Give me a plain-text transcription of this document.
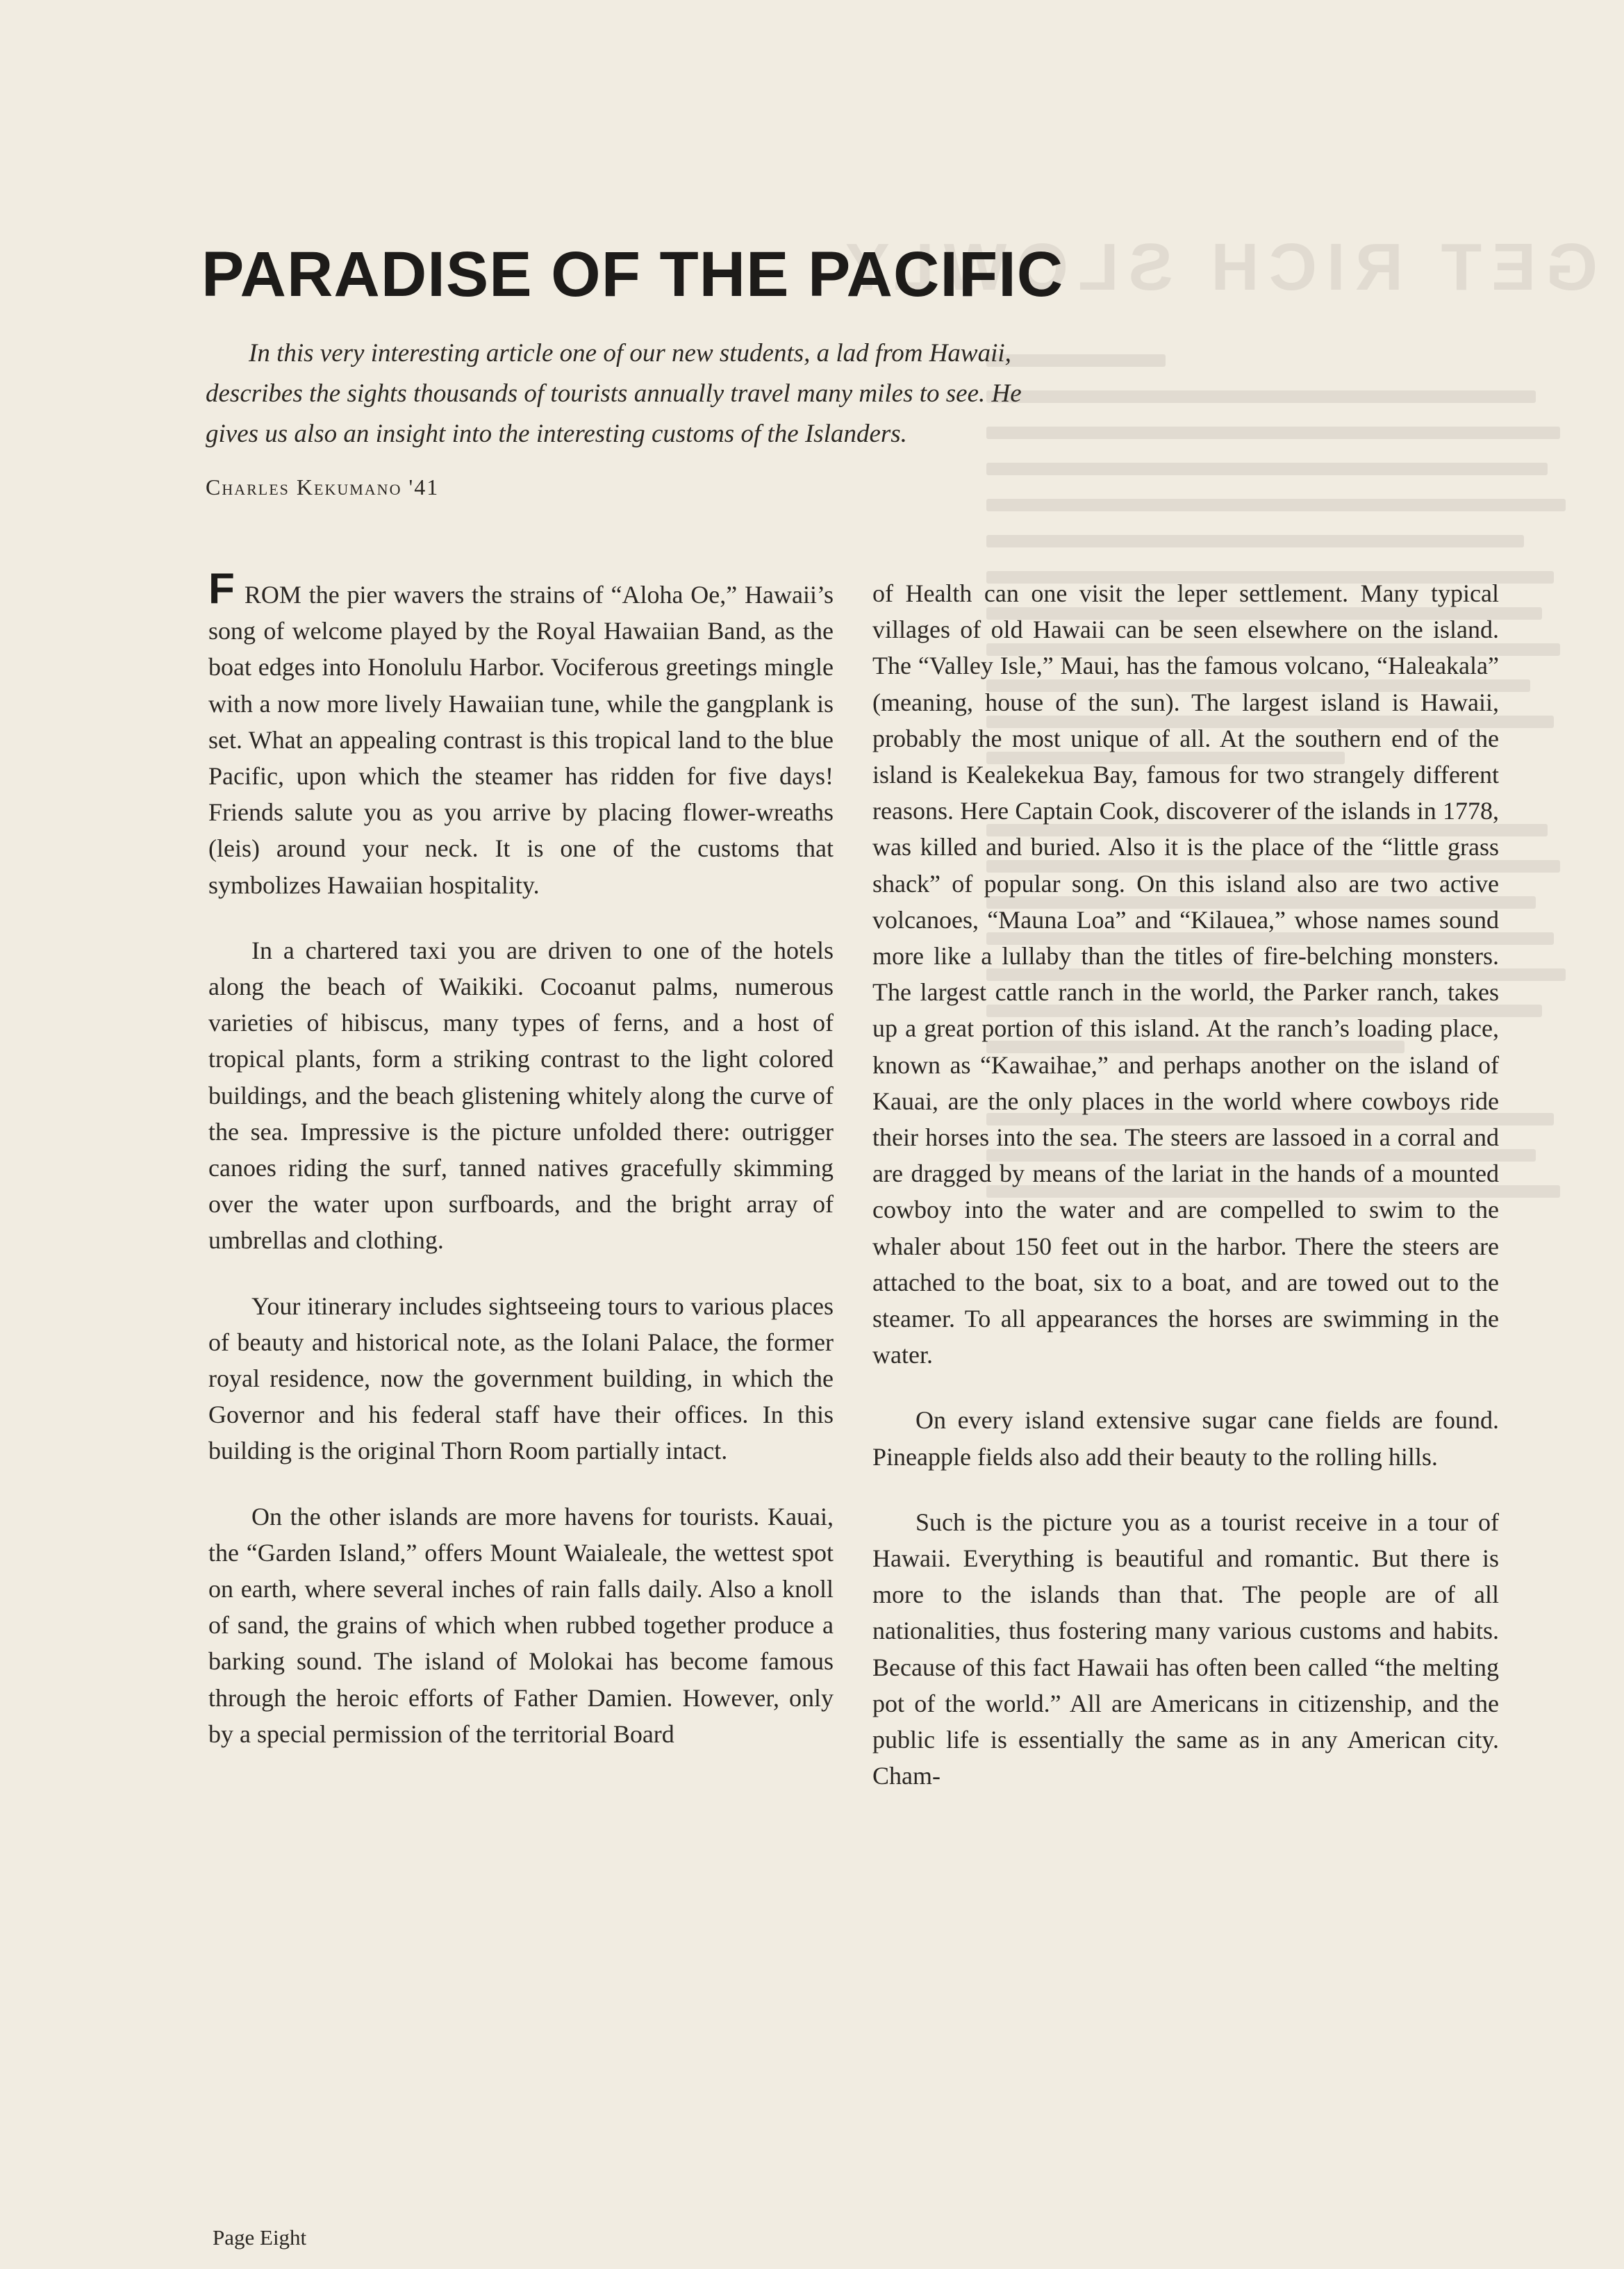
GET RICH SLOWLY
PARADISE OF THE PACIFIC
In this very interesting article one of our new students, a lad from Hawaii,
describes the sights thousands of tourists annually travel many miles to see. He
gives us also an insight into the interesting customs of the Islanders.
Charles Kekumano '41

FROM the pier wavers the strains of “Aloha Oe,” Hawaii’s song of welcome played by the Royal Hawaiian Band, as the boat edges into Honolulu Harbor. Vociferous greetings mingle with a now more lively Hawaiian tune, while the gangplank is set. What an appealing contrast is this tropical land to the blue Pacific, upon which the steamer has ridden for five days! Friends salute you as you arrive by placing flower-wreaths (leis) around your neck. It is one of the customs that symbolizes Hawaiian hospitality.

In a chartered taxi you are driven to one of the hotels along the beach of Waikiki. Cocoanut palms, numerous varieties of hibiscus, many types of ferns, and a host of tropical plants, form a striking contrast to the light colored buildings, and the beach glistening whitely along the curve of the sea. Impressive is the picture unfolded there: outrigger canoes riding the surf, tanned natives gracefully skimming over the water upon surfboards, and the bright array of umbrellas and clothing.

Your itinerary includes sightseeing tours to various places of beauty and historical note, as the Iolani Palace, the former royal residence, now the government building, in which the Governor and his federal staff have their offices. In this building is the original Thorn Room partially intact.

On the other islands are more havens for tourists. Kauai, the “Garden Island,” offers Mount Waialeale, the wettest spot on earth, where several inches of rain falls daily. Also a knoll of sand, the grains of which when rubbed together produce a barking sound. The island of Molokai has become famous through the heroic efforts of Father Damien. However, only by a special permission of the territorial Board

of Health can one visit the leper settlement. Many typical villages of old Hawaii can be seen elsewhere on the island. The “Valley Isle,” Maui, has the famous volcano, “Haleakala” (meaning, house of the sun). The largest island is Hawaii, probably the most unique of all. At the southern end of the island is Kealekekua Bay, famous for two strangely different reasons. Here Captain Cook, discoverer of the islands in 1778, was killed and buried. Also it is the place of the “little grass shack” of popular song. On this island also are two active volcanoes, “Mauna Loa” and “Kilauea,” whose names sound more like a lullaby than the titles of fire-belching monsters. The largest cattle ranch in the world, the Parker ranch, takes up a great portion of this island. At the ranch’s loading place, known as “Kawaihae,” and perhaps another on the island of Kauai, are the only places in the world where cowboys ride their horses into the sea. The steers are lassoed in a corral and are dragged by means of the lariat in the hands of a mounted cowboy into the water and are compelled to swim to the whaler about 150 feet out in the harbor. There the steers are attached to the boat, six to a boat, and are towed out to the steamer. To all appearances the horses are swimming in the water.

On every island extensive sugar cane fields are found. Pineapple fields also add their beauty to the rolling hills.

Such is the picture you as a tourist receive in a tour of Hawaii. Everything is beautiful and romantic. But there is more to the islands than that. The people are of all nationalities, thus fostering many various customs and habits. Because of this fact Hawaii has often been called “the melting pot of the world.” All are Americans in citizenship, and the public life is essentially the same as in any American city. Cham-

Page Eight
